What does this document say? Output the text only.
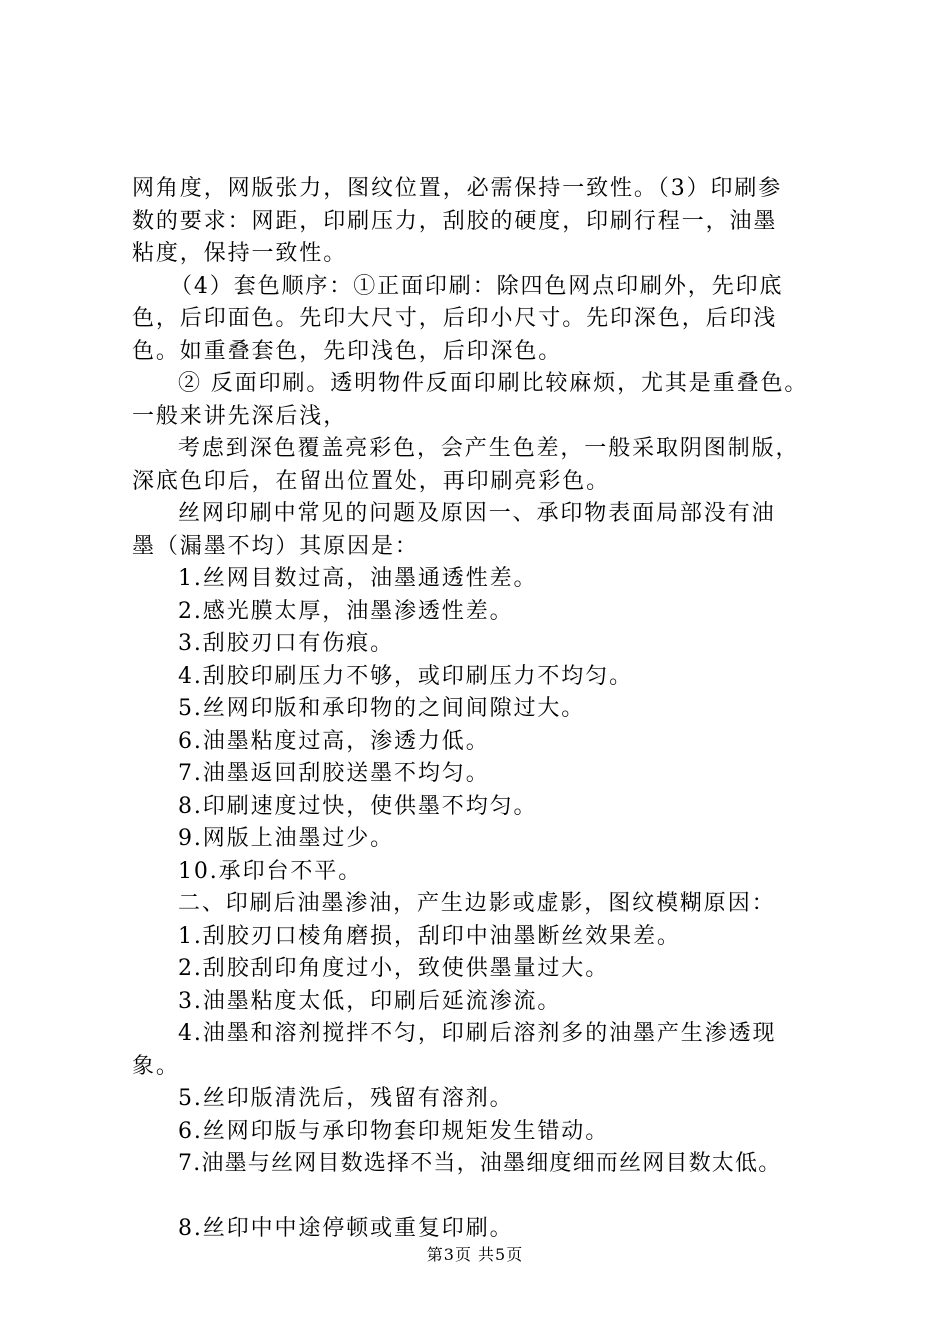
网角度，网版张力，图纹位置，必需保持一致性。（3）印刷参

数的要求：网距，印刷压力，刮胶的硬度，印刷行程一，油墨

粘度，保持一致性。

（4）套色顺序：①正面印刷：除四色网点印刷外，先印底

色，后印面色。先印大尺寸，后印小尺寸。先印深色，后印浅

色。如重叠套色，先印浅色，后印深色。

② 反面印刷。透明物件反面印刷比较麻烦，尤其是重叠色。

一般来讲先深后浅，

考虑到深色覆盖亮彩色，会产生色差，一般采取阴图制版，

深底色印后，在留出位置处，再印刷亮彩色。

丝网印刷中常见的问题及原因一、承印物表面局部没有油

墨（漏墨不均）其原因是：

1.丝网目数过高，油墨通透性差。

2.感光膜太厚，油墨渗透性差。

3.刮胶刃口有伤痕。

4.刮胶印刷压力不够，或印刷压力不均匀。

5.丝网印版和承印物的之间间隙过大。

6.油墨粘度过高，渗透力低。

7.油墨返回刮胶送墨不均匀。

8.印刷速度过快，使供墨不均匀。

9.网版上油墨过少。

10.承印台不平。

二、印刷后油墨渗油，产生边影或虚影，图纹模糊原因：

1.刮胶刃口棱角磨损，刮印中油墨断丝效果差。

2.刮胶刮印角度过小，致使供墨量过大。

3.油墨粘度太低，印刷后延流渗流。

4.油墨和溶剂搅拌不匀，印刷后溶剂多的油墨产生渗透现

象。

5.丝印版清洗后，残留有溶剂。

6.丝网印版与承印物套印规矩发生错动。

7.油墨与丝网目数选择不当，油墨细度细而丝网目数太低。

8.丝印中中途停顿或重复印刷。

第3页 共5页
